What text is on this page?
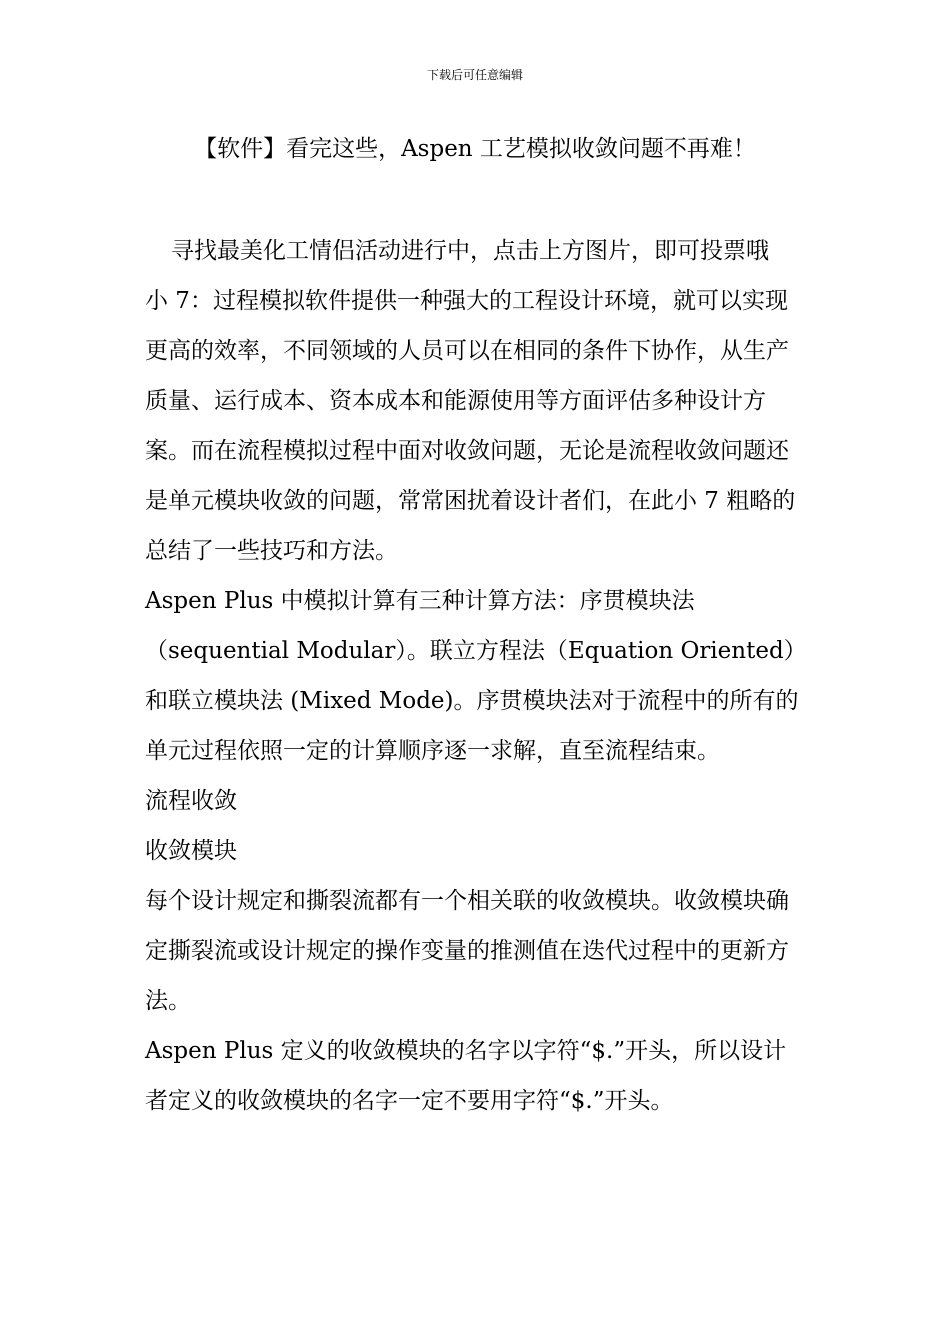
下载后可任意编辑
【软件】看完这些，Aspen 工艺模拟收敛问题不再难！

寻找最美化工情侣活动进行中，点击上方图片，即可投票哦

小 7：过程模拟软件提供一种强大的工程设计环境，就可以实现更高的效率，不同领域的人员可以在相同的条件下协作，从生产质量、运行成本、资本成本和能源使用等方面评估多种设计方案。而在流程模拟过程中面对收敛问题，无论是流程收敛问题还是单元模块收敛的问题，常常困扰着设计者们，在此小 7 粗略的总结了一些技巧和方法。

Aspen Plus 中模拟计算有三种计算方法：序贯模块法（sequential Modular）。联立方程法（Equation Oriented）和联立模块法 (Mixed Mode)。序贯模块法对于流程中的所有的单元过程依照一定的计算顺序逐一求解，直至流程结束。

流程收敛

收敛模块

每个设计规定和撕裂流都有一个相关联的收敛模块。收敛模块确定撕裂流或设计规定的操作变量的推测值在迭代过程中的更新方法。

Aspen Plus 定义的收敛模块的名字以字符“$.”开头，所以设计者定义的收敛模块的名字一定不要用字符“$.”开头。
